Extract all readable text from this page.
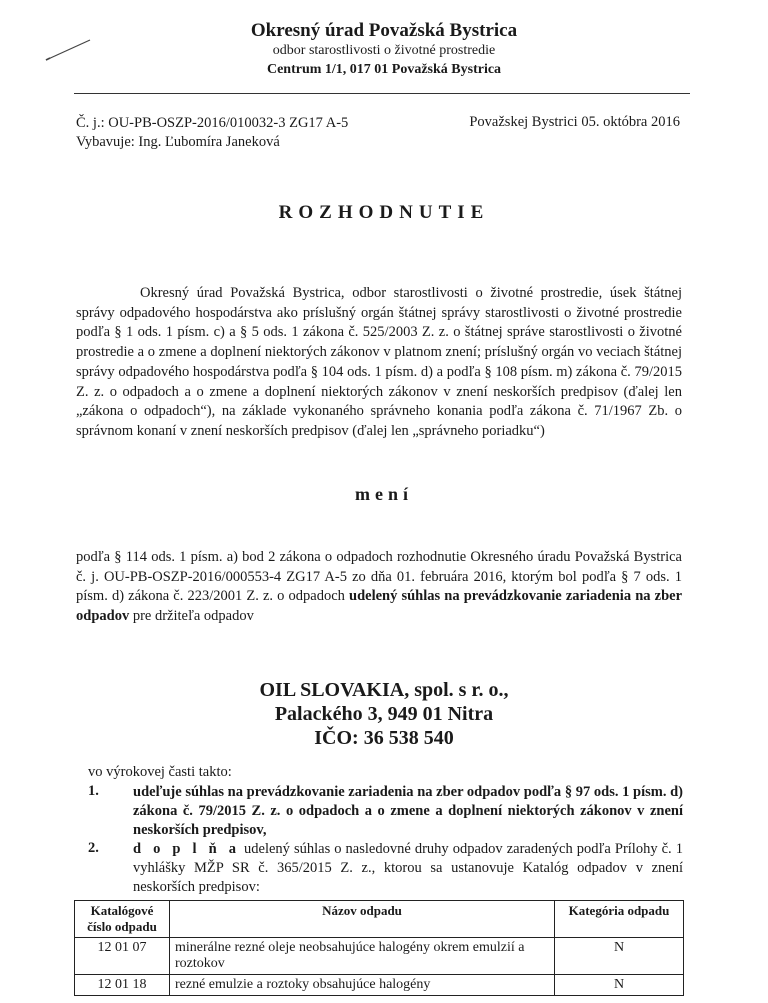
Okresný úrad Považská Bystrica
odbor starostlivosti o životné prostredie
Centrum 1/1, 017 01 Považská Bystrica
Č. j.: OU-PB-OSZP-2016/010032-3 ZG17 A-5
Vybavuje: Ing. Ľubomíra Janeková
Považskej Bystrici 05. októbra 2016
ROZHODNUTIE
Okresný úrad Považská Bystrica, odbor starostlivosti o životné prostredie, úsek štátnej správy odpadového hospodárstva ako príslušný orgán štátnej správy starostlivosti o životné prostredie podľa § 1 ods. 1 písm. c) a § 5 ods. 1 zákona č. 525/2003 Z. z. o štátnej správe starostlivosti o životné prostredie a o zmene a doplnení niektorých zákonov v platnom znení; príslušný orgán vo veciach štátnej správy odpadového hospodárstva podľa § 104 ods. 1 písm. d) a podľa § 108 písm. m) zákona č. 79/2015 Z. z. o odpadoch a o zmene a doplnení niektorých zákonov v znení neskorších predpisov (ďalej len „zákona o odpadoch“), na základe vykonaného správneho konania podľa zákona č. 71/1967 Zb. o správnom konaní v znení neskorších predpisov (ďalej len „správneho poriadku“)
mení
podľa § 114 ods. 1 písm. a) bod 2 zákona o odpadoch rozhodnutie Okresného úradu Považská Bystrica č. j. OU-PB-OSZP-2016/000553-4 ZG17 A-5 zo dňa 01. februára 2016, ktorým bol podľa § 7 ods. 1 písm. d) zákona č. 223/2001 Z. z. o odpadoch udelený súhlas na prevádzkovanie zariadenia na zber odpadov pre držiteľa odpadov
OIL SLOVAKIA, spol. s r. o.,
Palackého 3, 949 01 Nitra
IČO: 36 538 540
vo výrokovej časti takto:
1. udeľuje súhlas na prevádzkovanie zariadenia na zber odpadov podľa § 97 ods. 1 písm. d) zákona č. 79/2015 Z. z. o odpadoch a o zmene a doplnení niektorých zákonov v znení neskorších predpisov,
2. d o p l ň a udelený súhlas o nasledovné druhy odpadov zaradených podľa Prílohy č. 1 vyhlášky MŽP SR č. 365/2015 Z. z., ktorou sa ustanovuje Katalóg odpadov v znení neskorších predpisov:
Katalógové číslo odpadu	Názov odpadu	Kategória odpadu
12 01 07	minerálne rezné oleje neobsahujúce halogény okrem emulzií a roztokov	N
12 01 18	rezné emulzie a roztoky obsahujúce halogény	N
